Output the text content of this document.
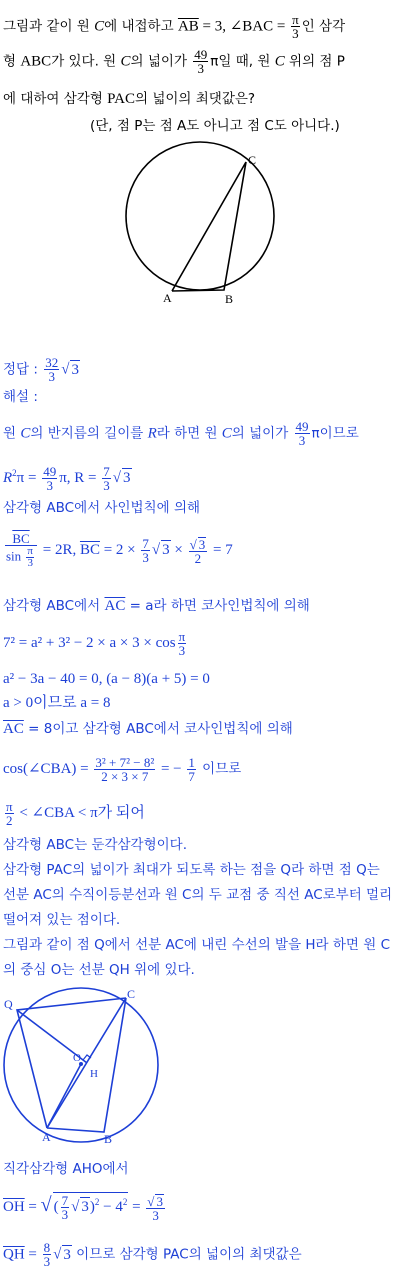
그림과 같이 원 C에 내접하고 $\overline{AB} = 3$, ∠BAC = $\frac{\pi}{3}$ 인 삼각
형 ABC가 있다. 원 C의 넓이가 $\frac{49}{3}$ π일 때, 원 C 위의 점 P
에 대하여 삼각형 PAC의 넓이의 최댓값은?
(단, 점 P는 점 A도 아니고 점 C도 아니다.)
A	B
C
정답 : $\frac{32}{3}$ √ 3
해설 :
원 C의 반지름의 길이를 R라 하면 원 C의 넓이가 $\frac{49}{3}$ π이므로
$R^2\pi = \frac{49}{3} \pi$, $R = \frac{7}{3}$ √ 3
삼각형 ABC에서 사인법칙에 의해
$\frac{\overline{BC}}{\sin \frac{\pi}{3}} = 2R$, $\overline{BC} = 2 \times \frac{7}{3}$ √ $3 \times \frac{√ 3}{2} = 7$
삼각형 ABC에서 $\overline{AC} = a$라 하면 코사인법칙에 의해
$7^2 = a^2 + 3^2 - 2 \times a \times 3 \times \cos \frac{\pi}{3}$
a² − 3a − 40 = 0, (a − 8)(a + 5) = 0
a > 0이므로 a = 8
$\overline{AC} = 8$이고 삼각형 ABC에서 코사인법칙에 의해
cos(∠CBA) = $\frac{\text{3² + 7² − 8²}}{2 \times 3 \times 7}$ = − $\frac{1}{7}$ 이므로
$\frac{\pi}{2}$ < ∠CBA < π가 되어
삼각형 ABC는 둔각삼각형이다.
삼각형 PAC의 넓이가 최대가 되도록 하는 점을 Q라 하면 점 Q는
선분 AC의 수직이등분선과 원 C의 두 교점 중 직선 AC로부터 멀리
떨어져 있는 점이다.
그림과 같이 점 Q에서 선분 AC에 내린 수선의 발을 H라 하면 원 C
의 중심 O는 선분 QH 위에 있다.
Q
C
O
H
A	B
직각삼각형 AHO에서
$\overline{OH}$ = √ ( $\frac{7}{3}$ √ $3)^2 - 4^2 = \frac{√ 3}{3}$
$\overline{QH} = \frac{8}{3}$ √ 3 이므로 삼각형 PAC의 넓이의 최댓값은
